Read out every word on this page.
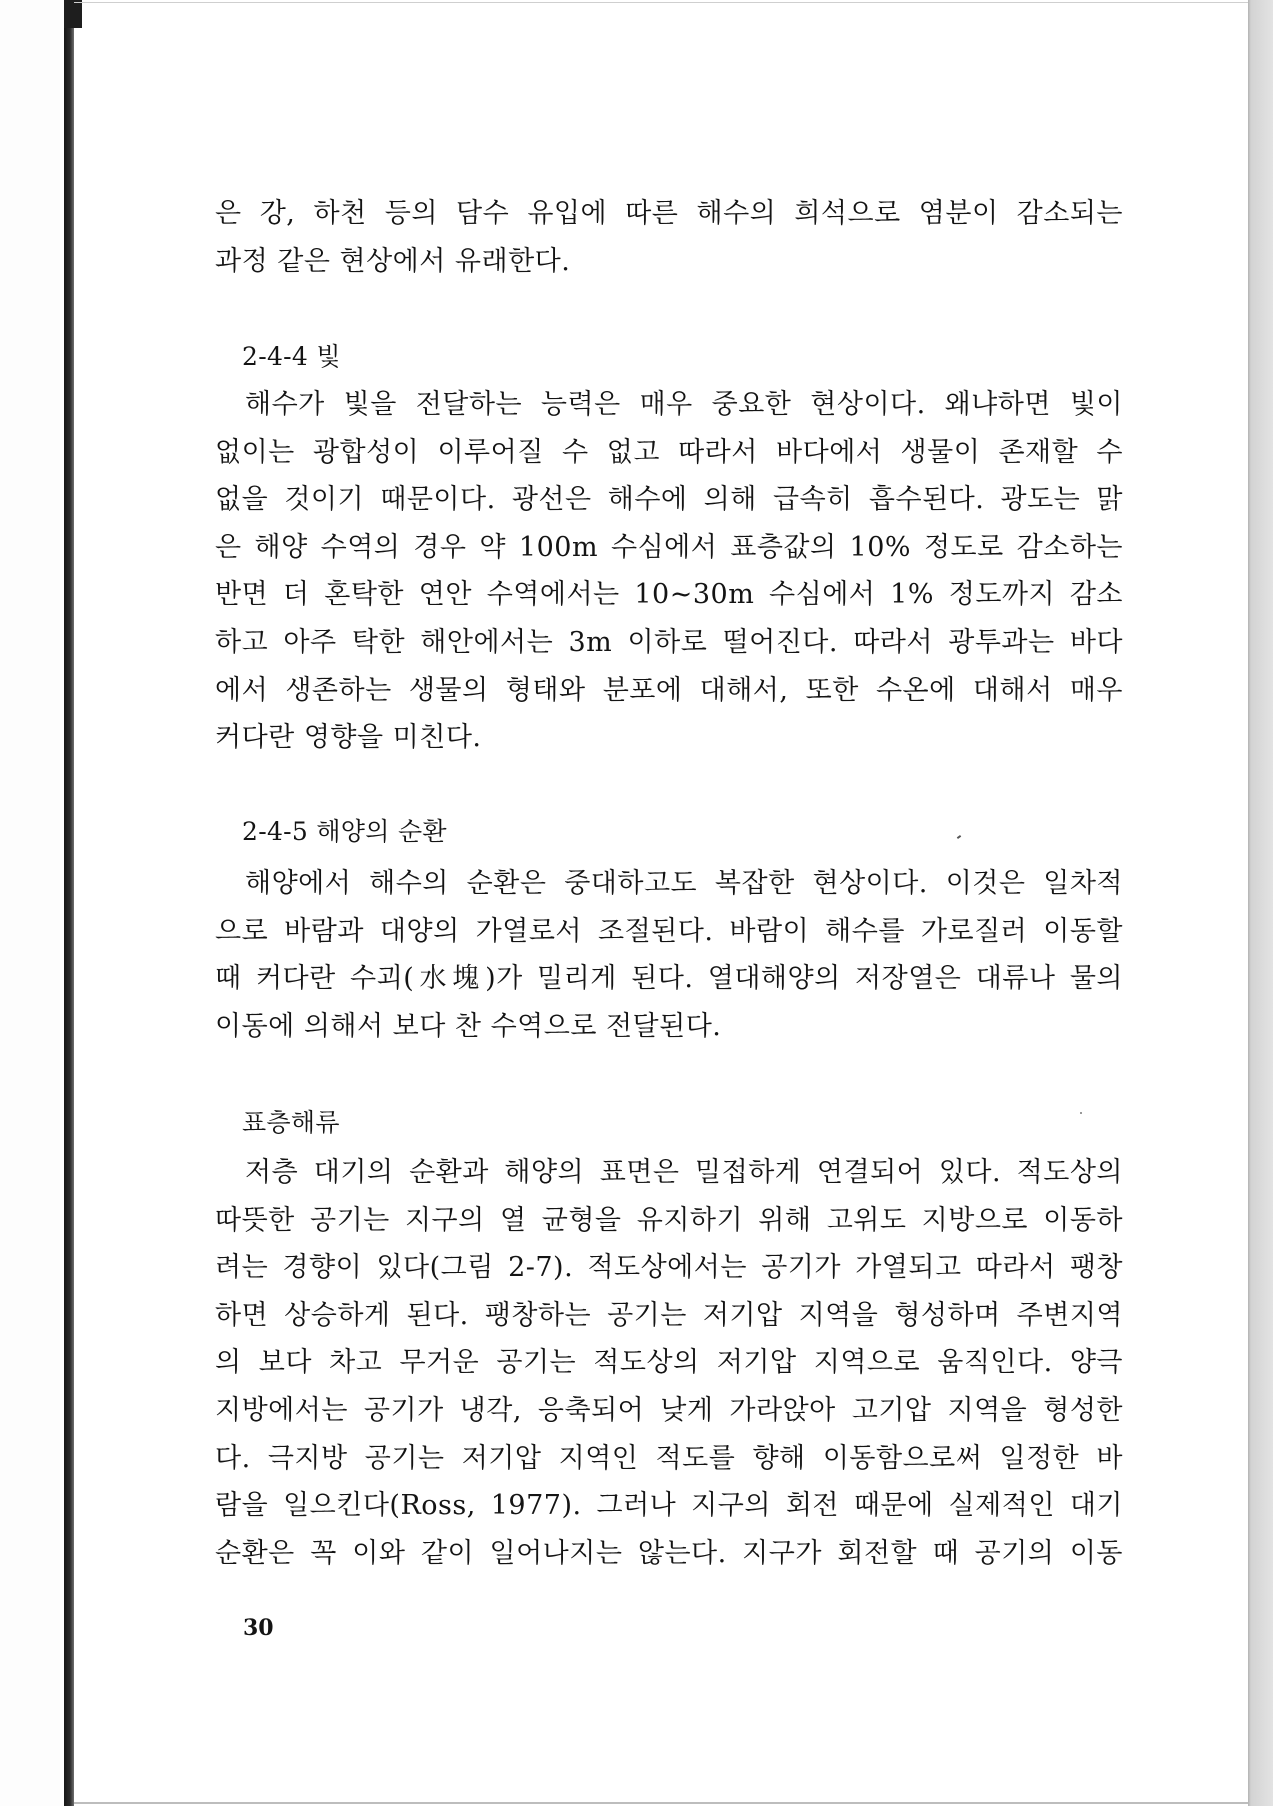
은 강, 하천 등의 담수 유입에 따른 해수의 희석으로 염분이 감소되는
과정 같은 현상에서 유래한다.
2-4-4 빛
해수가 빛을 전달하는 능력은 매우 중요한 현상이다. 왜냐하면 빛이
없이는 광합성이 이루어질 수 없고 따라서 바다에서 생물이 존재할 수
없을 것이기 때문이다. 광선은 해수에 의해 급속히 흡수된다. 광도는 맑
은 해양 수역의 경우 약 100m 수심에서 표층값의 10% 정도로 감소하는
반면 더 혼탁한 연안 수역에서는 10~30m 수심에서 1% 정도까지 감소
하고 아주 탁한 해안에서는 3m 이하로 떨어진다. 따라서 광투과는 바다
에서 생존하는 생물의 형태와 분포에 대해서, 또한 수온에 대해서 매우
커다란 영향을 미친다.
2-4-5 해양의 순환
해양에서 해수의 순환은 중대하고도 복잡한 현상이다. 이것은 일차적
으로 바람과 대양의 가열로서 조절된다. 바람이 해수를 가로질러 이동할
때 커다란 수괴(水塊)가 밀리게 된다. 열대해양의 저장열은 대류나 물의
이동에 의해서 보다 찬 수역으로 전달된다.
표층해류
저층 대기의 순환과 해양의 표면은 밀접하게 연결되어 있다. 적도상의
따뜻한 공기는 지구의 열 균형을 유지하기 위해 고위도 지방으로 이동하
려는 경향이 있다(그림 2-7). 적도상에서는 공기가 가열되고 따라서 팽창
하면 상승하게 된다. 팽창하는 공기는 저기압 지역을 형성하며 주변지역
의 보다 차고 무거운 공기는 적도상의 저기압 지역으로 움직인다. 양극
지방에서는 공기가 냉각, 응축되어 낮게 가라앉아 고기압 지역을 형성한
다. 극지방 공기는 저기압 지역인 적도를 향해 이동함으로써 일정한 바
람을 일으킨다(Ross, 1977). 그러나 지구의 회전 때문에 실제적인 대기
순환은 꼭 이와 같이 일어나지는 않는다. 지구가 회전할 때 공기의 이동
30
